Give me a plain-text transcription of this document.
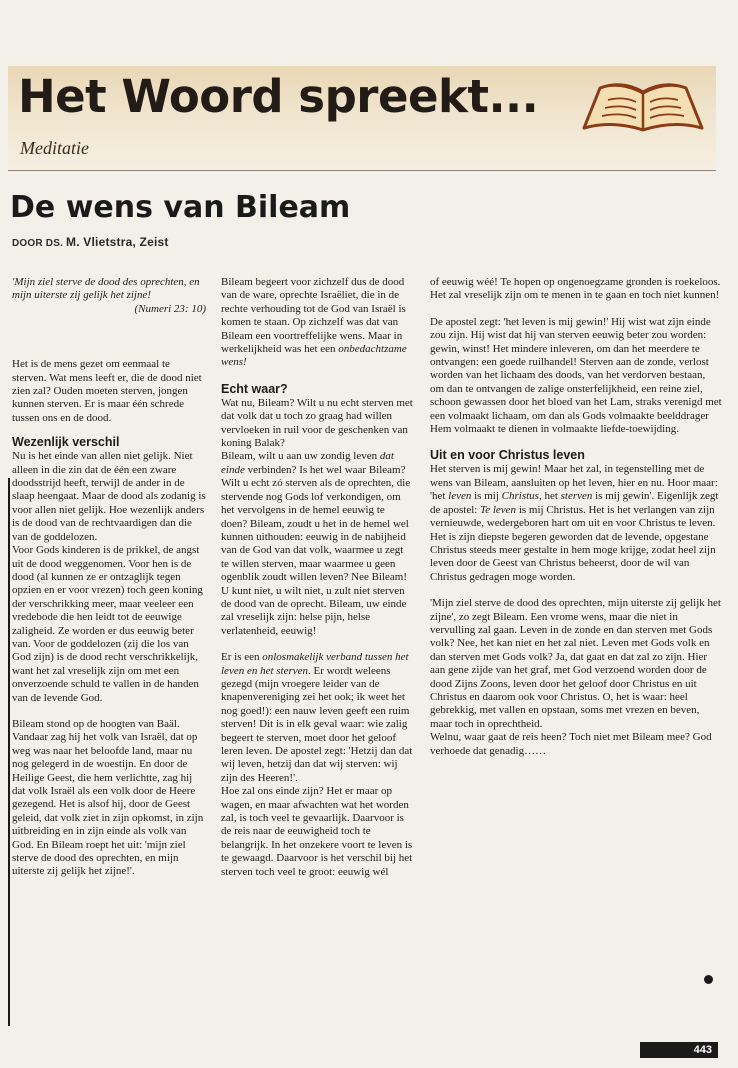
Het Woord spreekt...
Meditatie
De wens van Bileam
DOOR DS. M. Vlietstra, Zeist

'Mijn ziel sterve de dood des oprechten, en mijn uiterste zij gelijk het zijne!

(Numeri 23: 10)

Het is de mens gezet om eenmaal te sterven. Wat mens leeft er, die de dood niet zien zal? Ouden moeten sterven, jongen kunnen sterven. Er is maar één schrede tussen ons en de dood.

Wezenlijk verschil

Nu is het einde van allen niet gelijk. Niet alleen in die zin dat de één een zware doodsstrijd heeft, terwijl de ander in de slaap heengaat. Maar de dood als zodanig is voor allen niet gelijk. Hoe wezenlijk anders is de dood van de rechtvaardigen dan die van de goddelozen.

Voor Gods kinderen is de prikkel, de angst uit de dood weggenomen. Voor hen is de dood (al kunnen ze er ontzaglijk tegen opzien en er voor vrezen) toch geen koning der verschrikking meer, maar veeleer een vredebode die hen leidt tot de eeuwige zaligheid. Ze worden er dus eeuwig beter van. Voor de goddelozen (zij die los van God zijn) is de dood recht verschrikkelijk, want het zal vreselijk zijn om met een onverzoende schuld te vallen in de handen van de levende God.

Bileam stond op de hoogten van Baäl. Vandaar zag hij het volk van Israël, dat op weg was naar het beloofde land, maar nu nog gelegerd in de woestijn. En door de Heilige Geest, die hem verlichtte, zag hij dat volk Israël als een volk door de Heere gezegend. Het is alsof hij, door de Geest geleid, dat volk ziet in zijn opkomst, in zijn uitbreiding en in zijn einde als volk van God. En Bileam roept het uit: 'mijn ziel sterve de dood des oprechten, en mijn uiterste zij gelijk het zijne!'.

Bileam begeert voor zichzelf dus de dood van de ware, oprechte Israëliet, die in de rechte verhouding tot de God van Israël is komen te staan. Op zichzelf was dat van Bileam een voortreffelijke wens. Maar in werkelijkheid was het een onbedachtzame wens!

Echt waar?

Wat nu, Bileam? Wilt u nu echt sterven met dat volk dat u toch zo graag had willen vervloeken in ruil voor de geschenken van koning Balak?

Bileam, wilt u aan uw zondig leven dat einde verbinden? Is het wel waar Bileam? Wilt u echt zó sterven als de oprechten, die stervende nog Gods lof verkondigen, om het vervolgens in de hemel eeuwig te doen? Bileam, zoudt u het in de hemel wel kunnen uithouden: eeuwig in de nabijheid van de God van dat volk, waarmee u zegt te willen sterven, maar waarmee u geen ogenblik zoudt willen leven? Nee Bileam! U kunt niet, u wilt niet, u zult niet sterven de dood van de oprecht. Bileam, uw einde zal vreselijk zijn: helse pijn, helse verlatenheid, eeuwig!

Er is een onlosmakelijk verband tussen het leven en het sterven. Er wordt weleens gezegd (mijn vroegere leider van de knapenvereniging zei het ook; ik weet het nog goed!): een nauw leven geeft een ruim sterven! Dit is in elk geval waar: wie zalig begeert te sterven, moet door het geloof leren leven. De apostel zegt: 'Hetzij dan dat wij leven, hetzij dan dat wij sterven: wij zijn des Heeren!'.

Hoe zal ons einde zijn? Het er maar op wagen, en maar afwachten wat het worden zal, is toch veel te gevaarlijk. Daarvoor is de reis naar de eeuwigheid toch te belangrijk. In het onzekere voort te leven is te gewaagd. Daarvoor is het verschil bij het sterven toch veel te groot: eeuwig wél

of eeuwig wéé! Te hopen op ongenoegzame gronden is roekeloos. Het zal vreselijk zijn om te menen in te gaan en toch niet kunnen!

De apostel zegt: 'het leven is mij gewin!' Hij wist wat zijn einde zou zijn. Hij wist dat hij van sterven eeuwig beter zou worden: gewin, winst! Het mindere inleveren, om dan het meerdere te ontvangen: een goede ruilhandel! Sterven aan de zonde, verlost worden van het lichaam des doods, van het verdorven bestaan, om dan te ontvangen de zalige onsterfelijkheid, een reine ziel, schoon gewassen door het bloed van het Lam, straks verenigd met een volmaakt lichaam, om dan als Gods volmaakte beelddrager Hem volmaakt te dienen in volmaakte liefde-toewijding.

Uit en voor Christus leven

Het sterven is mij gewin! Maar het zal, in tegenstelling met de wens van Bileam, aansluiten op het leven, hier en nu. Hoor maar: 'het leven is mij Christus, het sterven is mij gewin'. Eigenlijk zegt de apostel: Te leven is mij Christus. Het is het verlangen van zijn vernieuwde, wedergeboren hart om uit en voor Christus te leven. Het is zijn diepste begeren geworden dat de levende, opgestane Christus steeds meer gestalte in hem moge krijge, zodat heel zijn leven door de Geest van Christus beheerst, door de wil van Christus gedragen moge worden.

'Mijn ziel sterve de dood des oprechten, mijn uiterste zij gelijk het zijne', zo zegt Bileam. Een vrome wens, maar die niet in vervulling zal gaan. Leven in de zonde en dan sterven met Gods volk? Nee, het kan niet en het zal niet. Leven met Gods volk en dan sterven met Gods volk? Ja, dat gaat en dat zal zo zijn. Hier aan gene zijde van het graf, met God verzoend worden door de dood Zijns Zoons, leven door het geloof door Christus en uit Christus en daarom ook voor Christus. O, het is waar: heel gebrekkig, met vallen en opstaan, soms met vrezen en beven, maar toch in oprechtheid.

Welnu, waar gaat de reis heen? Toch niet met Bileam mee? God verhoede dat genadig……

443
